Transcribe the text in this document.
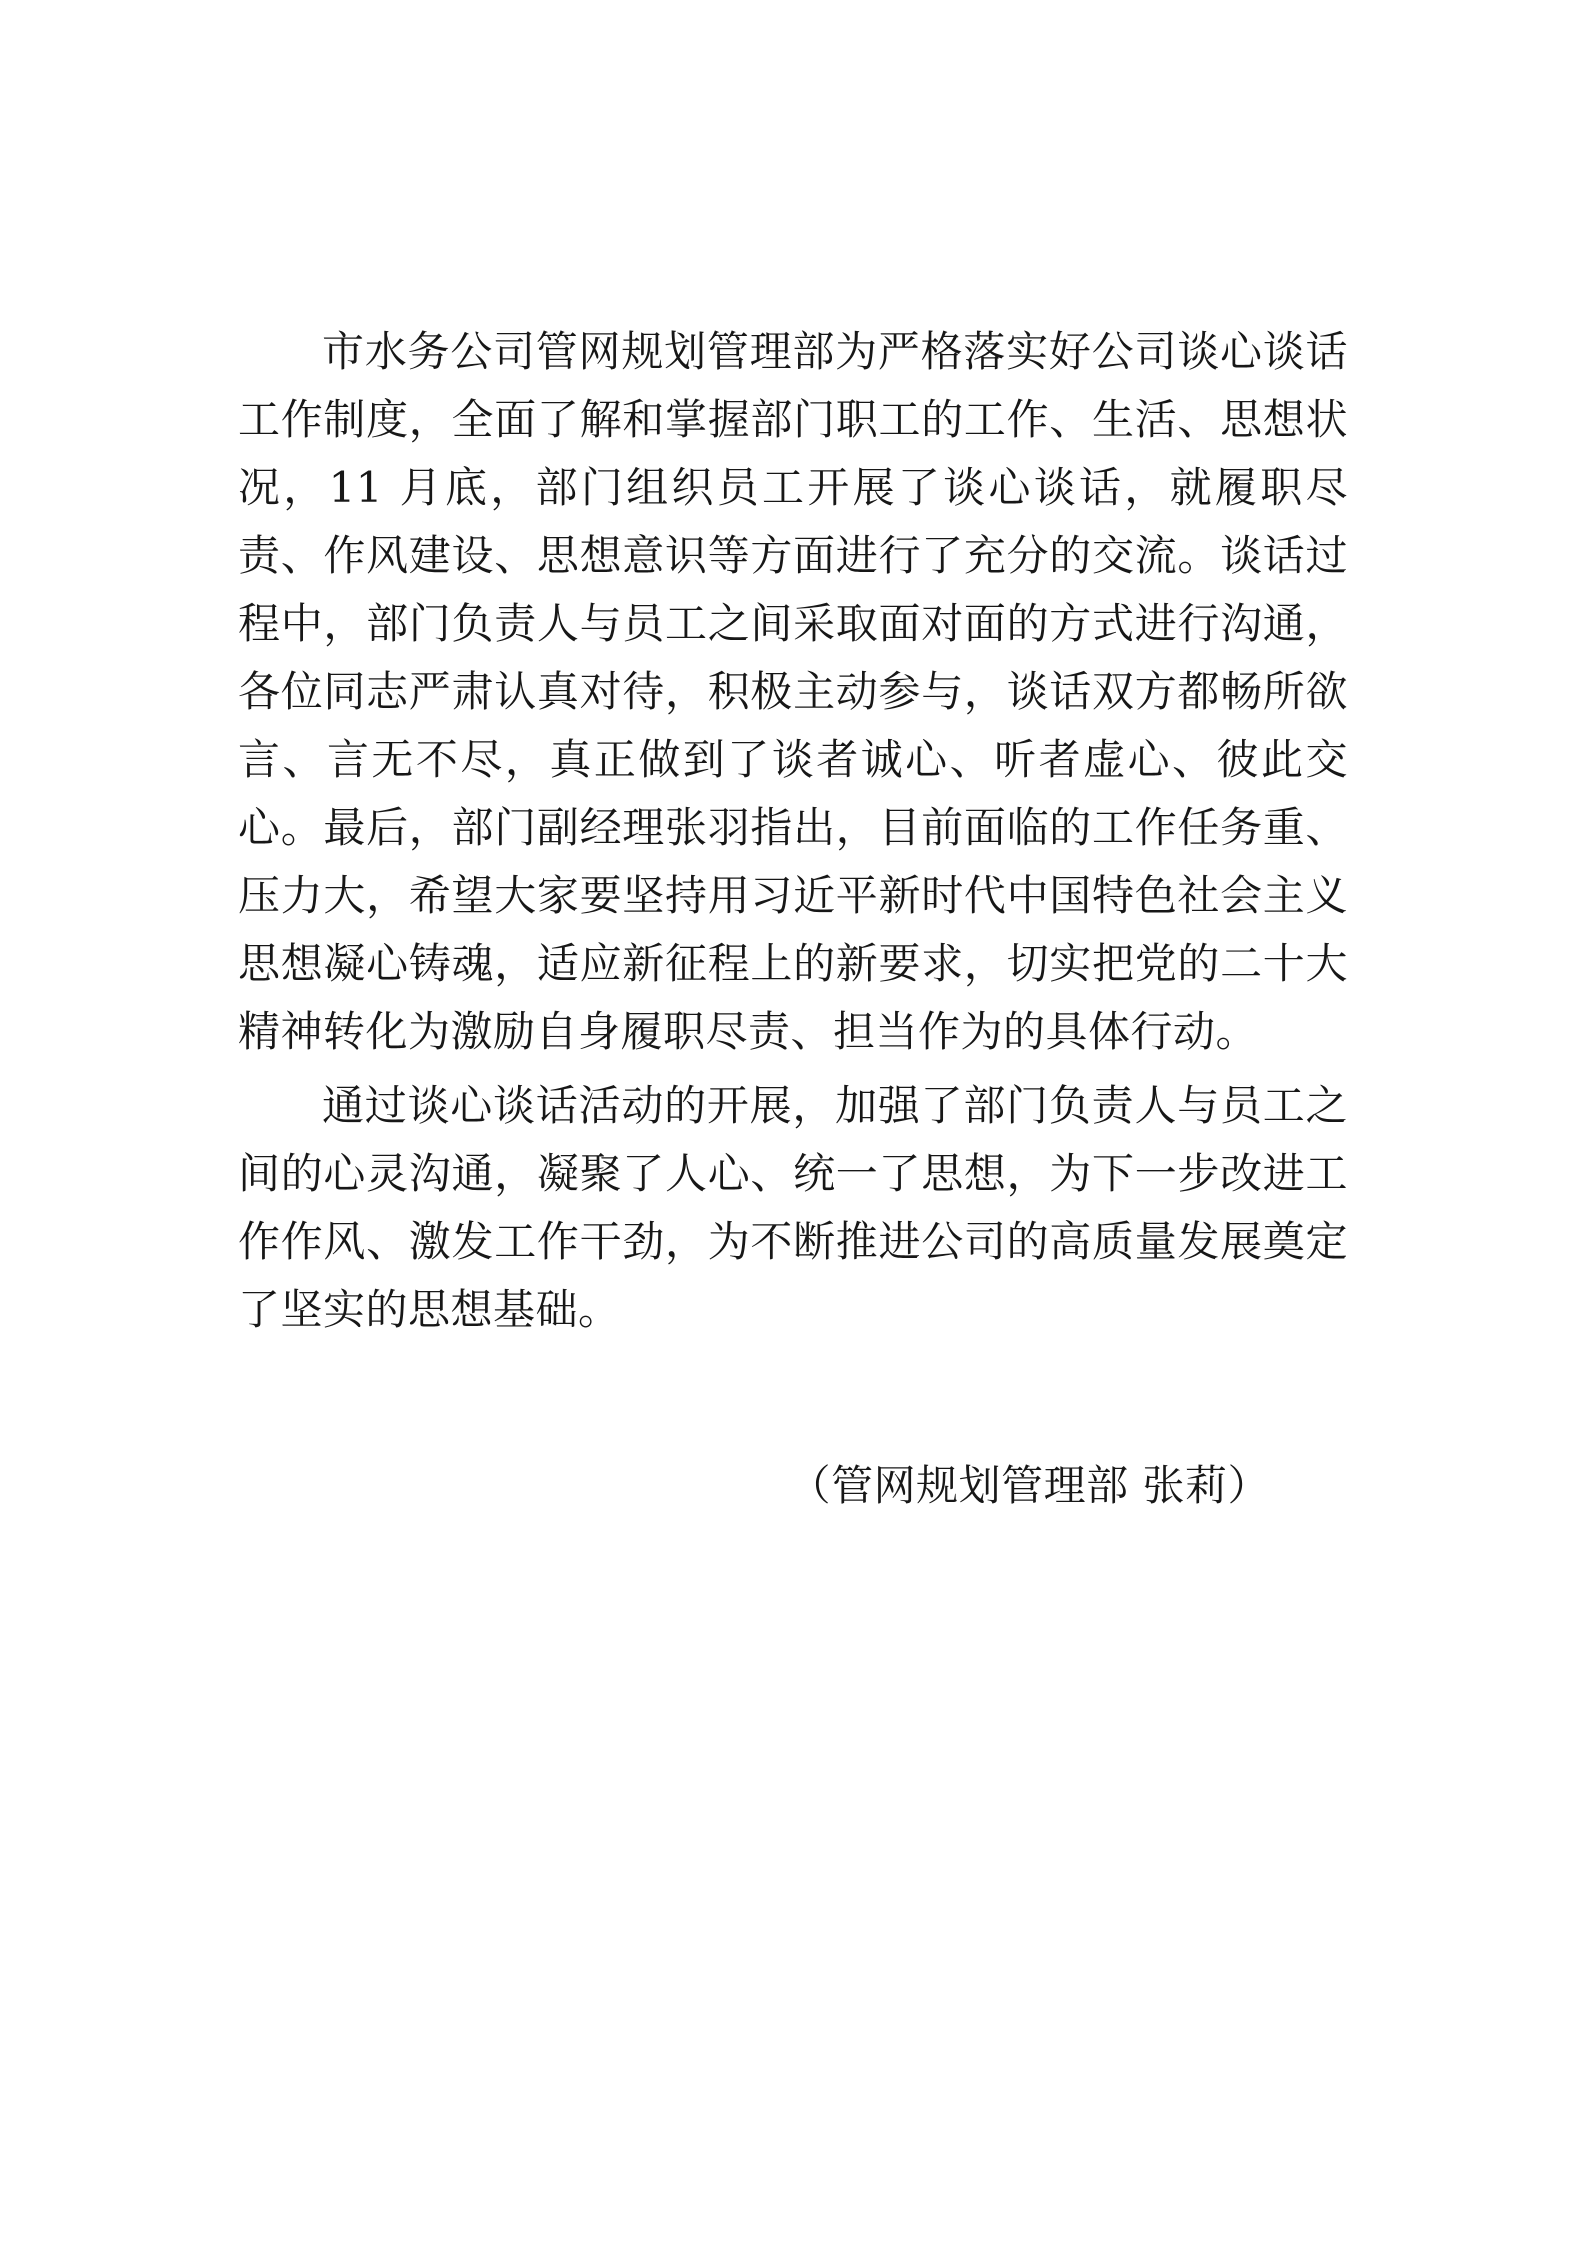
市水务公司管网规划管理部为严格落实好公司谈心谈话工作制度，全面了解和掌握部门职工的工作、生活、思想状况，11 月底，部门组织员工开展了谈心谈话，就履职尽责、作风建设、思想意识等方面进行了充分的交流。谈话过程中，部门负责人与员工之间采取面对面的方式进行沟通，各位同志严肃认真对待，积极主动参与，谈话双方都畅所欲言、言无不尽，真正做到了谈者诚心、听者虚心、彼此交心。最后，部门副经理张羽指出，目前面临的工作任务重、压力大，希望大家要坚持用习近平新时代中国特色社会主义思想凝心铸魂，适应新征程上的新要求，切实把党的二十大精神转化为激励自身履职尽责、担当作为的具体行动。

通过谈心谈话活动的开展，加强了部门负责人与员工之间的心灵沟通，凝聚了人心、统一了思想，为下一步改进工作作风、激发工作干劲，为不断推进公司的高质量发展奠定了坚实的思想基础。

（管网规划管理部 张莉）
